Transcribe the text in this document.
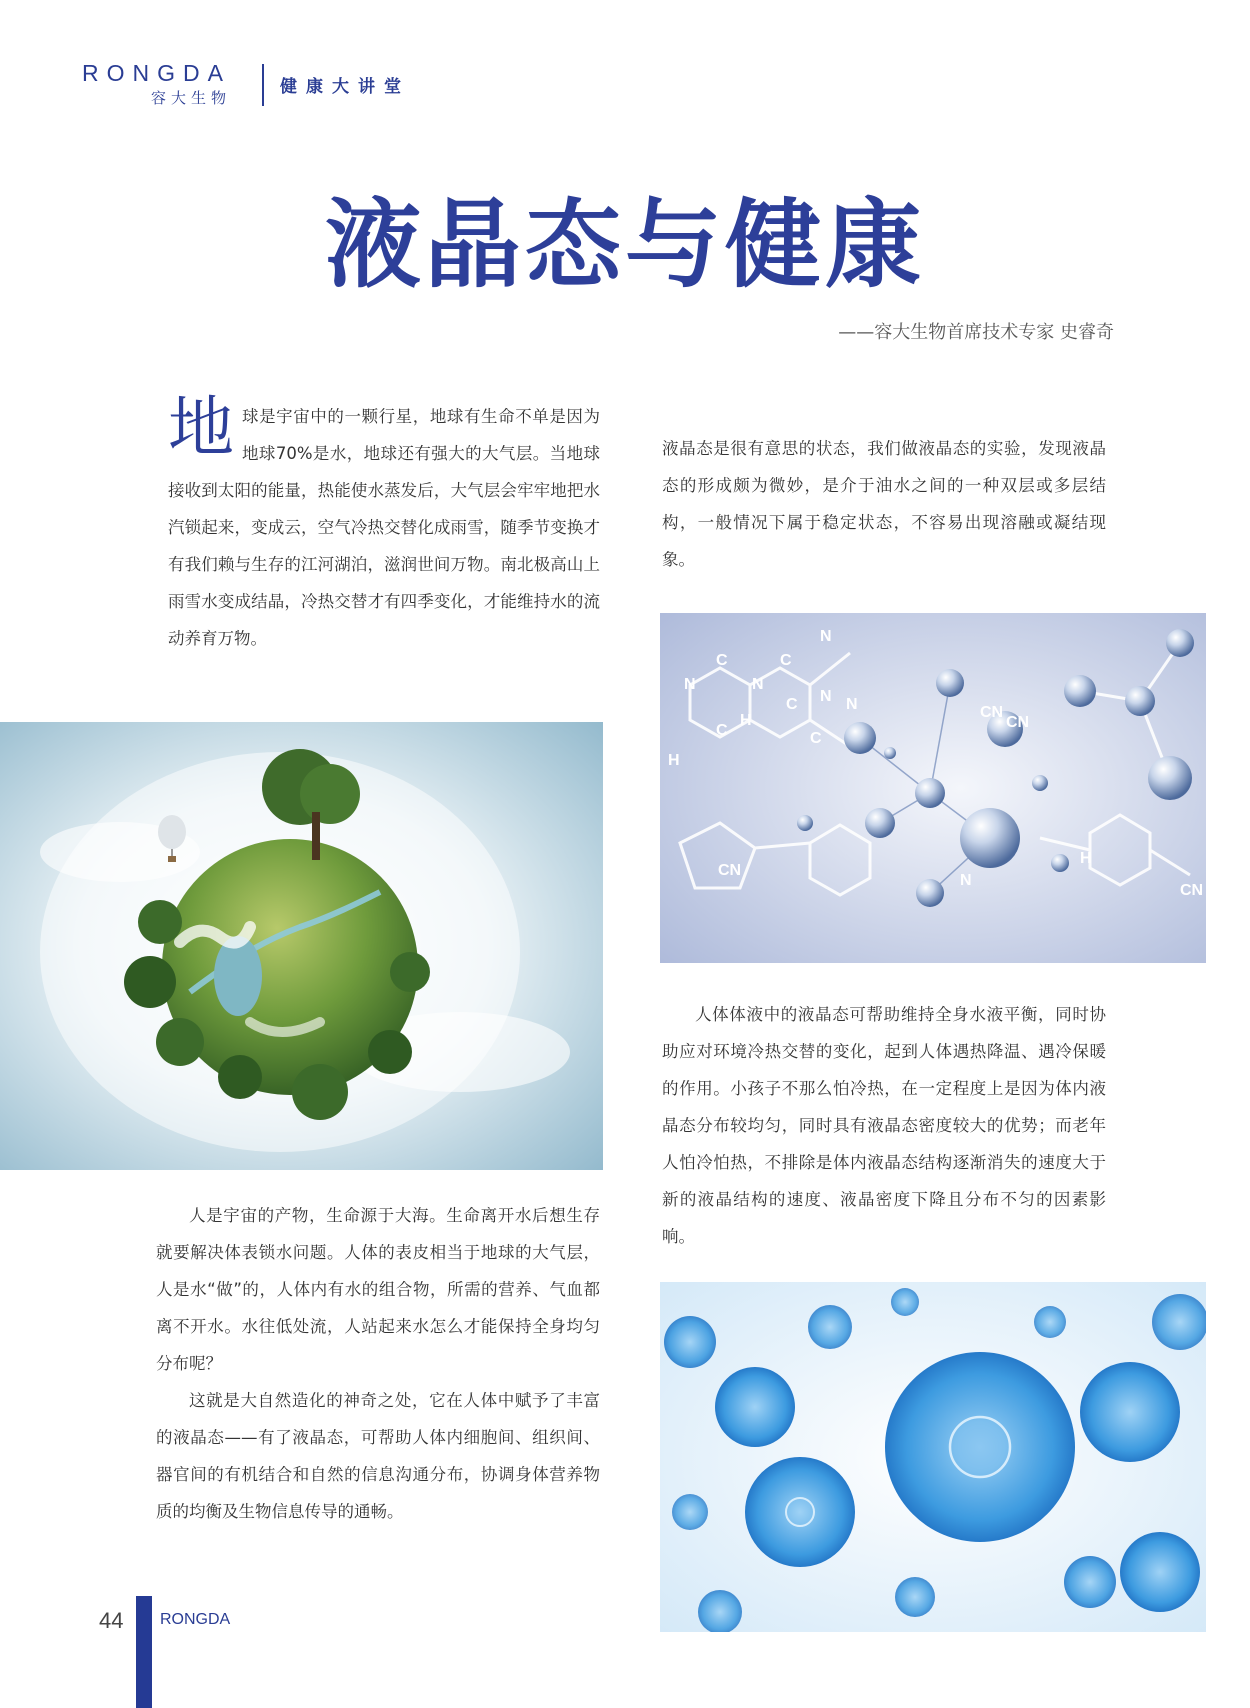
RONGDA
容大生物
健康大讲堂
液晶态与健康
——容大生物首席技术专家 史睿奇

地球是宇宙中的一颗行星，地球有生命不单是因为地球70%是水，地球还有强大的大气层。当地球接收到太阳的能量，热能使水蒸发后，大气层会牢牢地把水汽锁起来，变成云，空气冷热交替化成雨雪，随季节变换才有我们赖与生存的江河湖泊，滋润世间万物。南北极高山上雨雪水变成结晶，冷热交替才有四季变化，才能维持水的流动养育万物。

人是宇宙的产物，生命源于大海。生命离开水后想生存就要解决体表锁水问题。人体的表皮相当于地球的大气层，人是水“做”的，人体内有水的组合物，所需的营养、气血都离不开水。水往低处流，人站起来水怎么才能保持全身均匀分布呢？

这就是大自然造化的神奇之处，它在人体中赋予了丰富的液晶态——有了液晶态，可帮助人体内细胞间、组织间、器官间的有机结合和自然的信息沟通分布，协调身体营养物质的均衡及生物信息传导的通畅。

液晶态是很有意思的状态，我们做液晶态的实验，发现液晶态的形成颇为微妙，是介于油水之间的一种双层或多层结构，一般情况下属于稳定状态，不容易出现溶融或凝结现象。

N
C
N
C
N
C
H
H
C
C
N	CN
CN
H
N
CN
CN
N

人体体液中的液晶态可帮助维持全身水液平衡，同时协助应对环境冷热交替的变化，起到人体遇热降温、遇冷保暖的作用。小孩子不那么怕冷热，在一定程度上是因为体内液晶态分布较均匀，同时具有液晶态密度较大的优势；而老年人怕冷怕热，不排除是体内液晶态结构逐渐消失的速度大于新的液晶结构的速度、液晶密度下降且分布不匀的因素影响。

44 RONGDA
